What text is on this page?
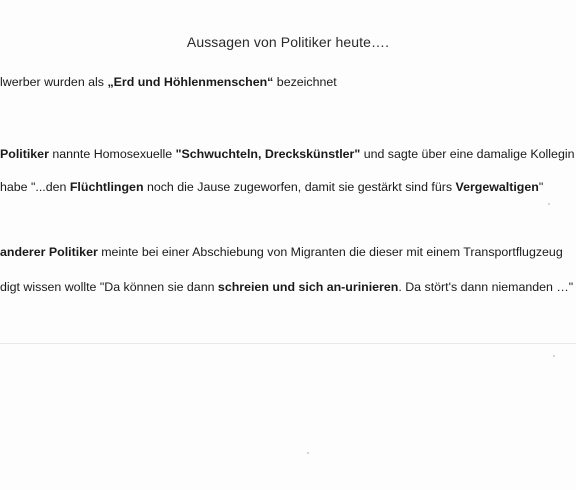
Aussagen von Politiker heute….
lwerber wurden als „Erd und Höhlenmenschen“ bezeichnet
Politiker nannte Homosexuelle "Schwuchteln, Dreckskünstler" und sagte über eine damalige Kollegin
habe "...den Flüchtlingen noch die Jause zugeworfen, damit sie gestärkt sind fürs Vergewaltigen"
anderer Politiker meinte bei einer Abschiebung von Migranten die dieser mit einem Transportflugzeug
digt wissen wollte "Da können sie dann schreien und sich an-urinieren. Da stört's dann niemanden …"
